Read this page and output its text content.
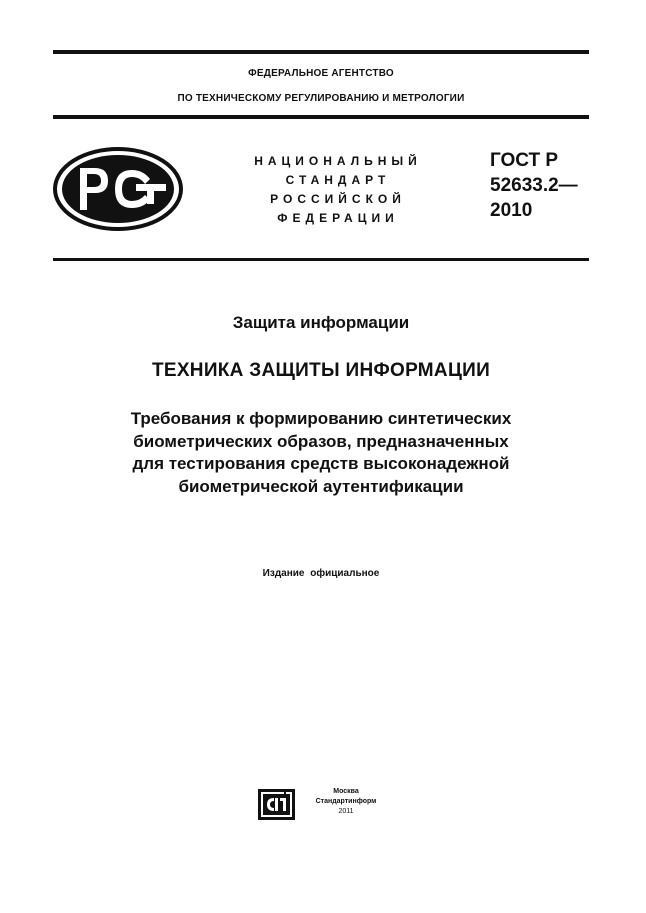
ФЕДЕРАЛЬНОЕ АГЕНТСТВО
ПО ТЕХНИЧЕСКОМУ РЕГУЛИРОВАНИЮ И МЕТРОЛОГИИ
НАЦИОНАЛЬНЫЙ
СТАНДАРТ
РОССИЙСКОЙ
ФЕДЕРАЦИИ
ГОСТ Р
52633.2—
2010
Защита информации
ТЕХНИКА ЗАЩИТЫ ИНФОРМАЦИИ
Требования к формированию синтетических
биометрических образов, предназначенных
для тестирования средств высоконадежной
биометрической аутентификации
Издание официальное
Москва
Стандартинформ
2011
